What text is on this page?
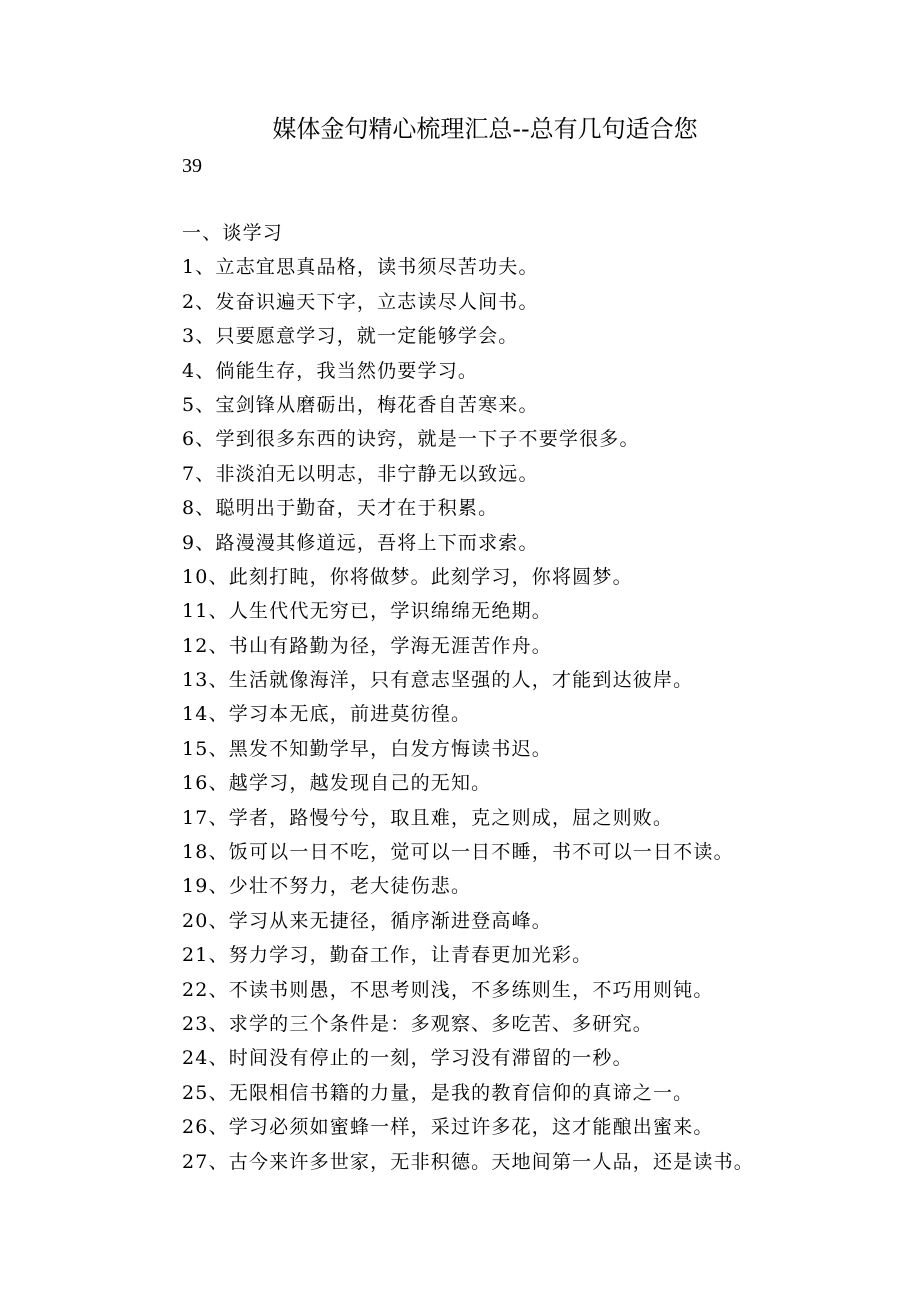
媒体金句精心梳理汇总--总有几句适合您
39
一、谈学习
1、立志宜思真品格，读书须尽苦功夫。
2、发奋识遍天下字，立志读尽人间书。
3、只要愿意学习，就一定能够学会。
4、倘能生存，我当然仍要学习。
5、宝剑锋从磨砺出，梅花香自苦寒来。
6、学到很多东西的诀窍，就是一下子不要学很多。
7、非淡泊无以明志，非宁静无以致远。
8、聪明出于勤奋，天才在于积累。
9、路漫漫其修道远，吾将上下而求索。
10、此刻打盹，你将做梦。此刻学习，你将圆梦。
11、人生代代无穷已，学识绵绵无绝期。
12、书山有路勤为径，学海无涯苦作舟。
13、生活就像海洋，只有意志坚强的人，才能到达彼岸。
14、学习本无底，前进莫彷徨。
15、黑发不知勤学早，白发方悔读书迟。
16、越学习，越发现自己的无知。
17、学者，路慢兮兮，取且难，克之则成，屈之则败。
18、饭可以一日不吃，觉可以一日不睡，书不可以一日不读。
19、少壮不努力，老大徒伤悲。
20、学习从来无捷径，循序渐进登高峰。
21、努力学习，勤奋工作，让青春更加光彩。
22、不读书则愚，不思考则浅，不多练则生，不巧用则钝。
23、求学的三个条件是：多观察、多吃苦、多研究。
24、时间没有停止的一刻，学习没有滞留的一秒。
25、无限相信书籍的力量，是我的教育信仰的真谛之一。
26、学习必须如蜜蜂一样，采过许多花，这才能酿出蜜来。
27、古今来许多世家，无非积德。天地间第一人品，还是读书。
